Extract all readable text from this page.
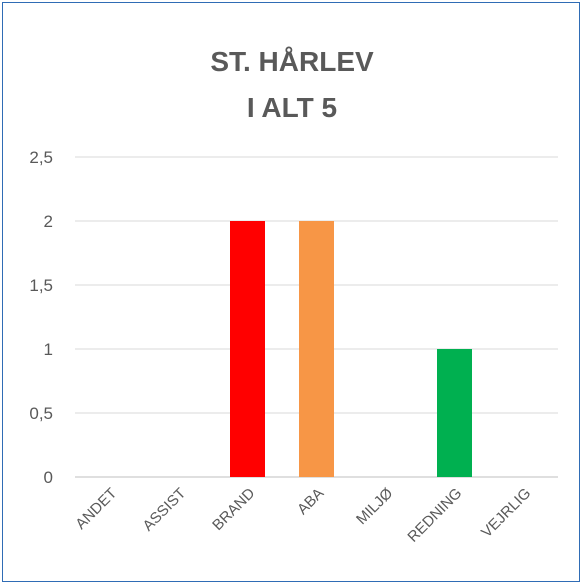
ST. HÅRLEV
I ALT 5
0
0,5
1
1,5
2
2,5
ANDET ASSIST BRAND ABA MILJØ REDNING VEJRLIG
